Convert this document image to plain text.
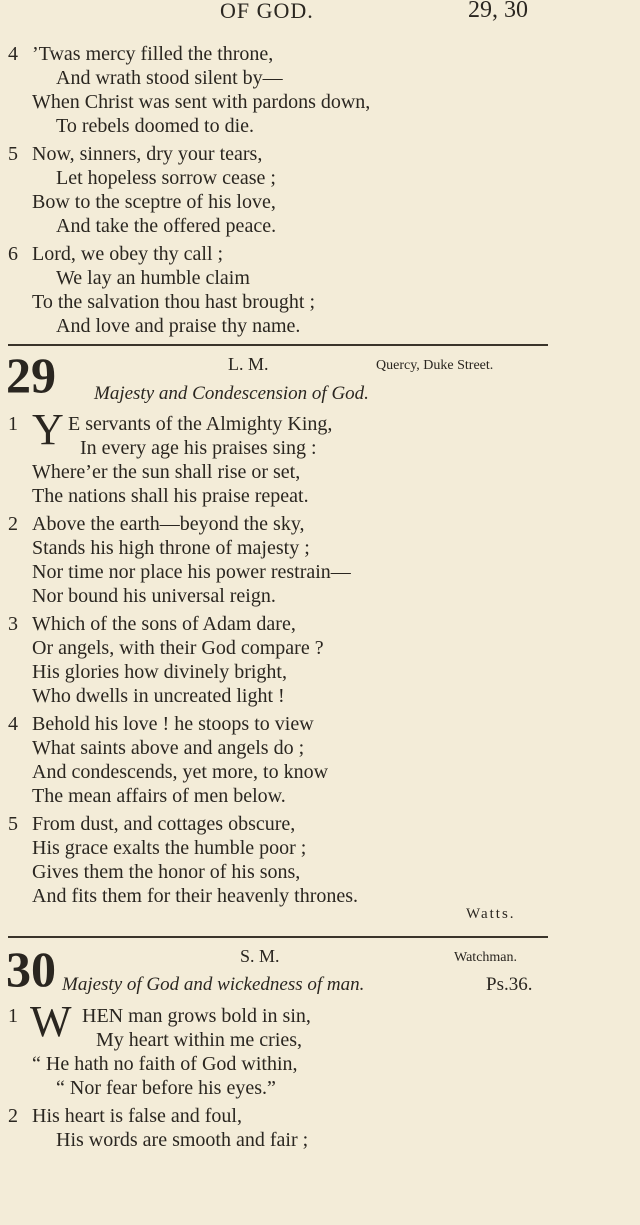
OF GOD.	29, 30
4 ’Twas mercy filled the throne,
And wrath stood silent by—
When Christ was sent with pardons down,
To rebels doomed to die.
5 Now, sinners, dry your tears,
Let hopeless sorrow cease ;
Bow to the sceptre of his love,
And take the offered peace.
6 Lord, we obey thy call ;
We lay an humble claim
To the salvation thou hast brought ;
And love and praise thy name.
29	L. M.	Quercy, Duke Street.
Majesty and Condescension of God.
1 Y E servants of the Almighty King,
In every age his praises sing :
Where’er the sun shall rise or set,
The nations shall his praise repeat.
2 Above the earth—beyond the sky,
Stands his high throne of majesty ;
Nor time nor place his power restrain—
Nor bound his universal reign.
3 Which of the sons of Adam dare,
Or angels, with their God compare ?
His glories how divinely bright,
Who dwells in uncreated light !
4 Behold his love ! he stoops to view
What saints above and angels do ;
And condescends, yet more, to know
The mean affairs of men below.
5 From dust, and cottages obscure,
His grace exalts the humble poor ;
Gives them the honor of his sons,
And fits them for their heavenly thrones.
Watts.
30	S. M.	Watchman.
Majesty of God and wickedness of man.	Ps.36.
1 W HEN man grows bold in sin,
My heart within me cries,
“ He hath no faith of God within,
“ Nor fear before his eyes.”
2 His heart is false and foul,
His words are smooth and fair ;
